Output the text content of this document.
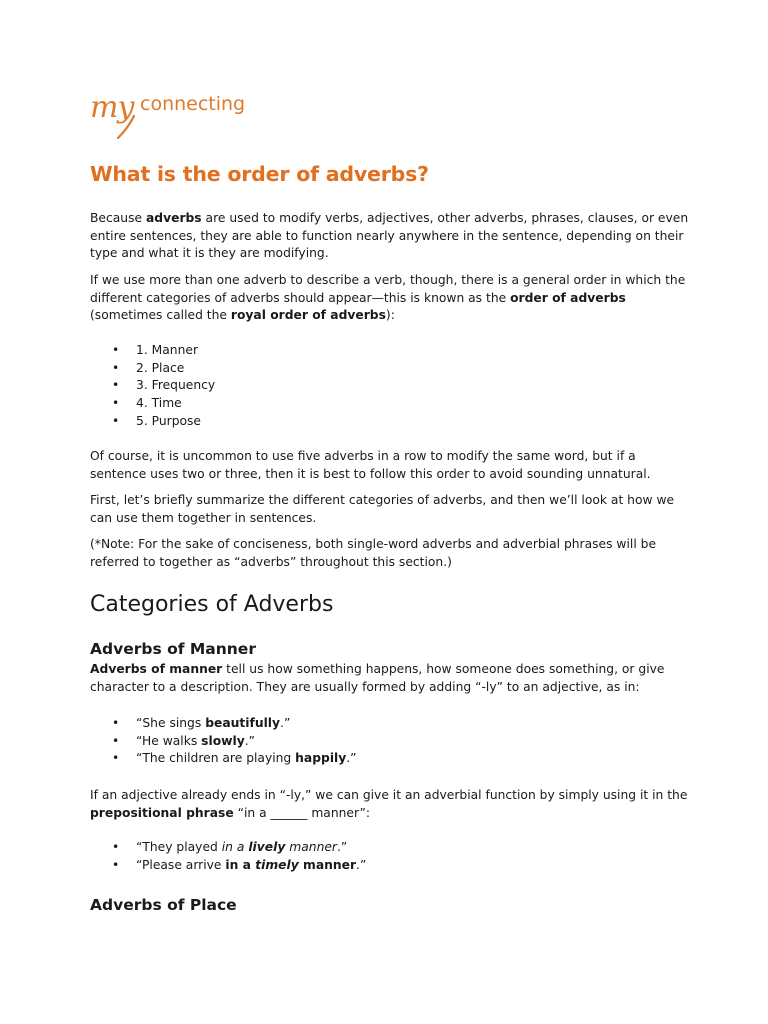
my connecting
What is the order of adverbs?

Because adverbs are used to modify verbs, adjectives, other adverbs, phrases, clauses, or even entire sentences, they are able to function nearly anywhere in the sentence, depending on their type and what it is they are modifying.

If we use more than one adverb to describe a verb, though, there is a general order in which the different categories of adverbs should appear—this is known as the order of adverbs (sometimes called the royal order of adverbs):

• 1. Manner
• 2. Place
• 3. Frequency
• 4. Time
• 5. Purpose

Of course, it is uncommon to use five adverbs in a row to modify the same word, but if a sentence uses two or three, then it is best to follow this order to avoid sounding unnatural.

First, let’s briefly summarize the different categories of adverbs, and then we’ll look at how we can use them together in sentences.

(*Note: For the sake of conciseness, both single-word adverbs and adverbial phrases will be referred to together as “adverbs” throughout this section.)

Categories of Adverbs
Adverbs of Manner

Adverbs of manner tell us how something happens, how someone does something, or give character to a description. They are usually formed by adding “-ly” to an adjective, as in:

• “She sings beautifully.”
• “He walks slowly.”
• “The children are playing happily.”

If an adjective already ends in “-ly,” we can give it an adverbial function by simply using it in the prepositional phrase “in a ______ manner”:

• “They played in a lively manner.”
• “Please arrive in a timely manner.”
Adverbs of Place
